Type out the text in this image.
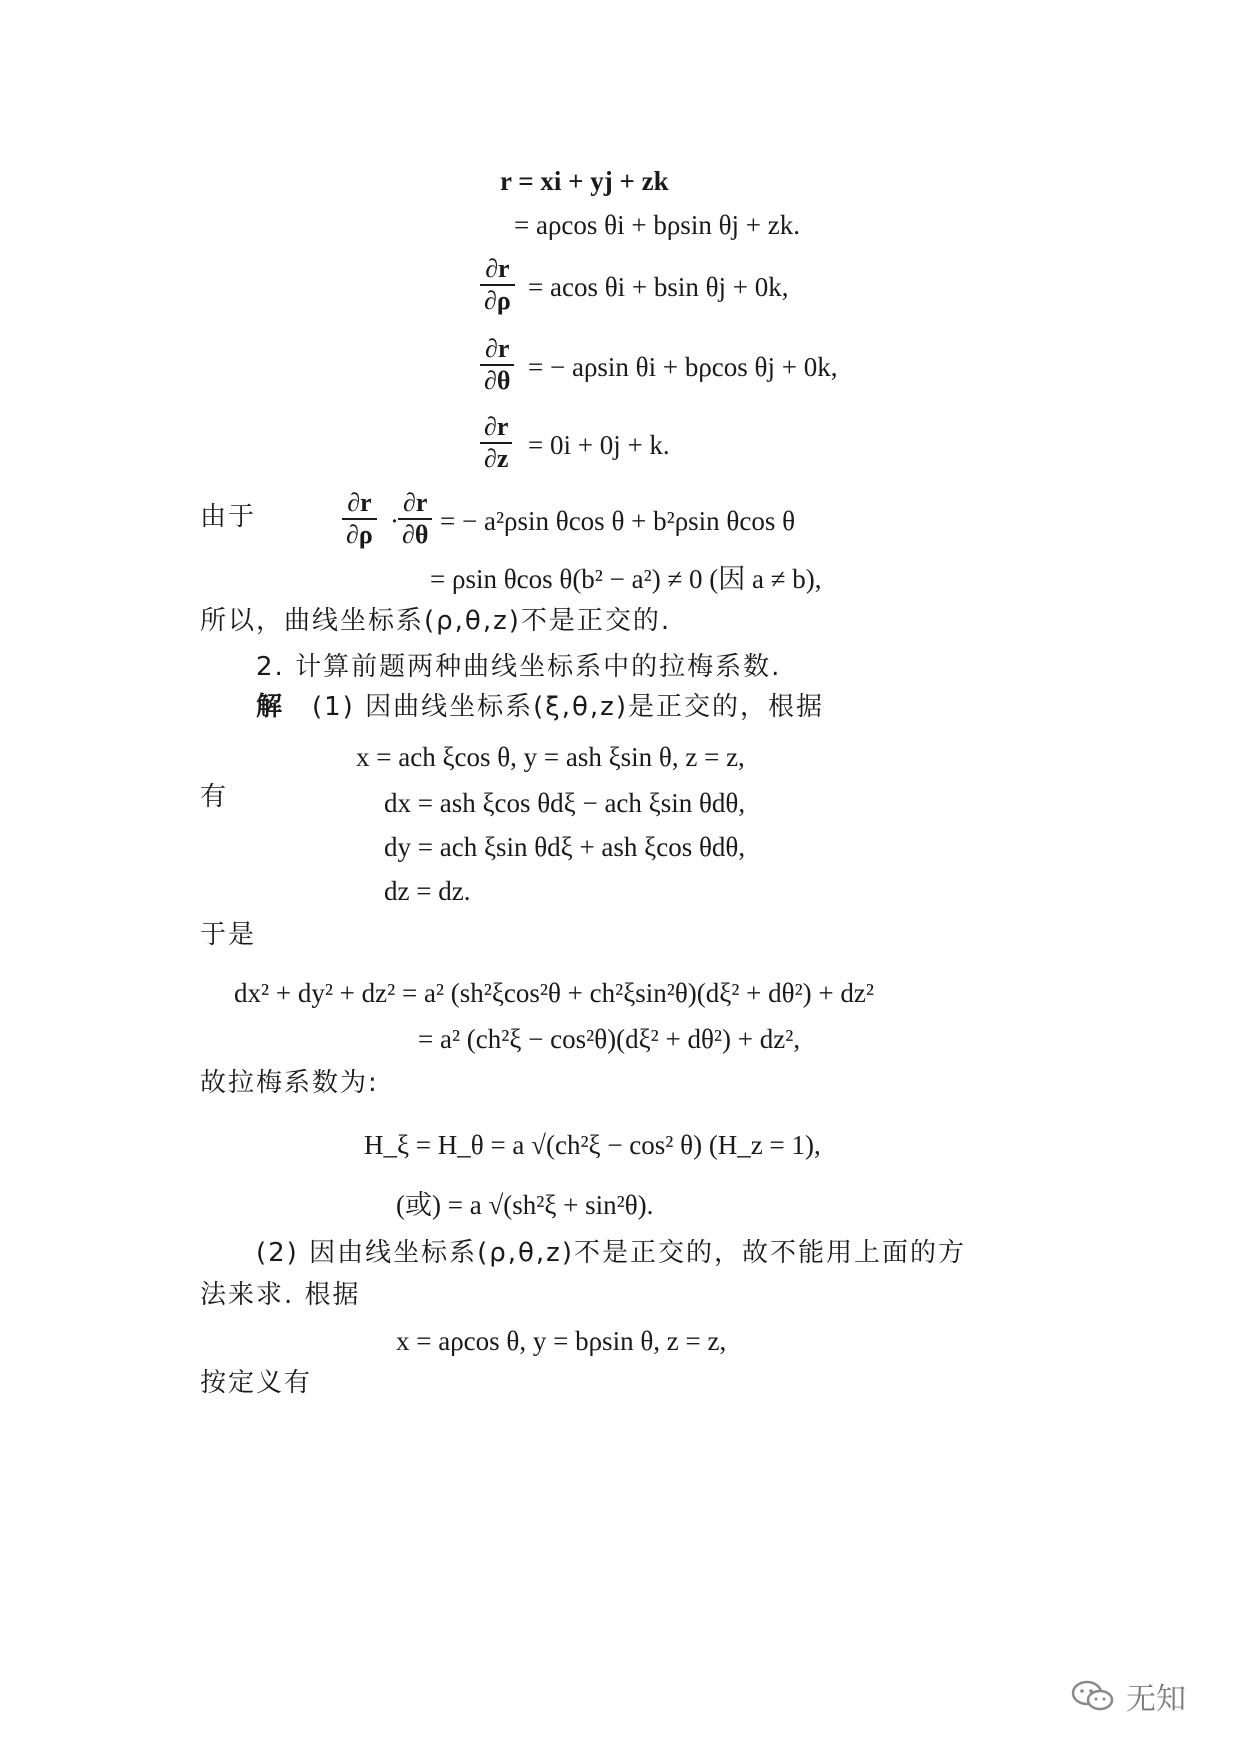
r = xi + yj + zk
= aρcos θi + bρsin θj + zk.
$\frac{\partial r}{\partial\rho} = acos$ θi + bsin θj + 0k,
$\frac{\partial r}{\partial\theta}$ = − aρsin θi + bρcos θj + 0k,
$\frac{\partial r}{\partial z} = 0i + 0j + k$.
由于	$\frac{\partial r}{\partial\rho} \cdot \frac{\partial r}{\partial\theta}$ = − a²ρsin θcos θ + b²ρsin θcos θ
= ρsin θcos θ(b² − a²) ≠ 0 (因 a ≠ b),
所以，曲线坐标系(ρ,θ,z)不是正交的.
2. 计算前题两种曲线坐标系中的拉梅系数.
解 (1) 因曲线坐标系(ξ,θ,z)是正交的，根据
x = ach ξcos θ, y = ash ξsin θ, z = z,
有	dx = ash ξcos θdξ − ach ξsin θdθ,
dy = ach ξsin θdξ + ash ξcos θdθ,
dz = dz.
于是
dx² + dy² + dz² = a² (sh²ξcos²θ + ch²ξsin²θ)(dξ² + dθ²) + dz²
= a² (ch²ξ − cos²θ)(dξ² + dθ²) + dz²,
故拉梅系数为:
H_ξ = H_θ = a √(ch²ξ − cos² θ) (H_z = 1),
(或) = a √(sh²ξ + sin²θ).
(2) 因由线坐标系(ρ,θ,z)不是正交的，故不能用上面的方
法来求. 根据
x = aρcos θ, y = bρsin θ, z = z,
按定义有
无知
